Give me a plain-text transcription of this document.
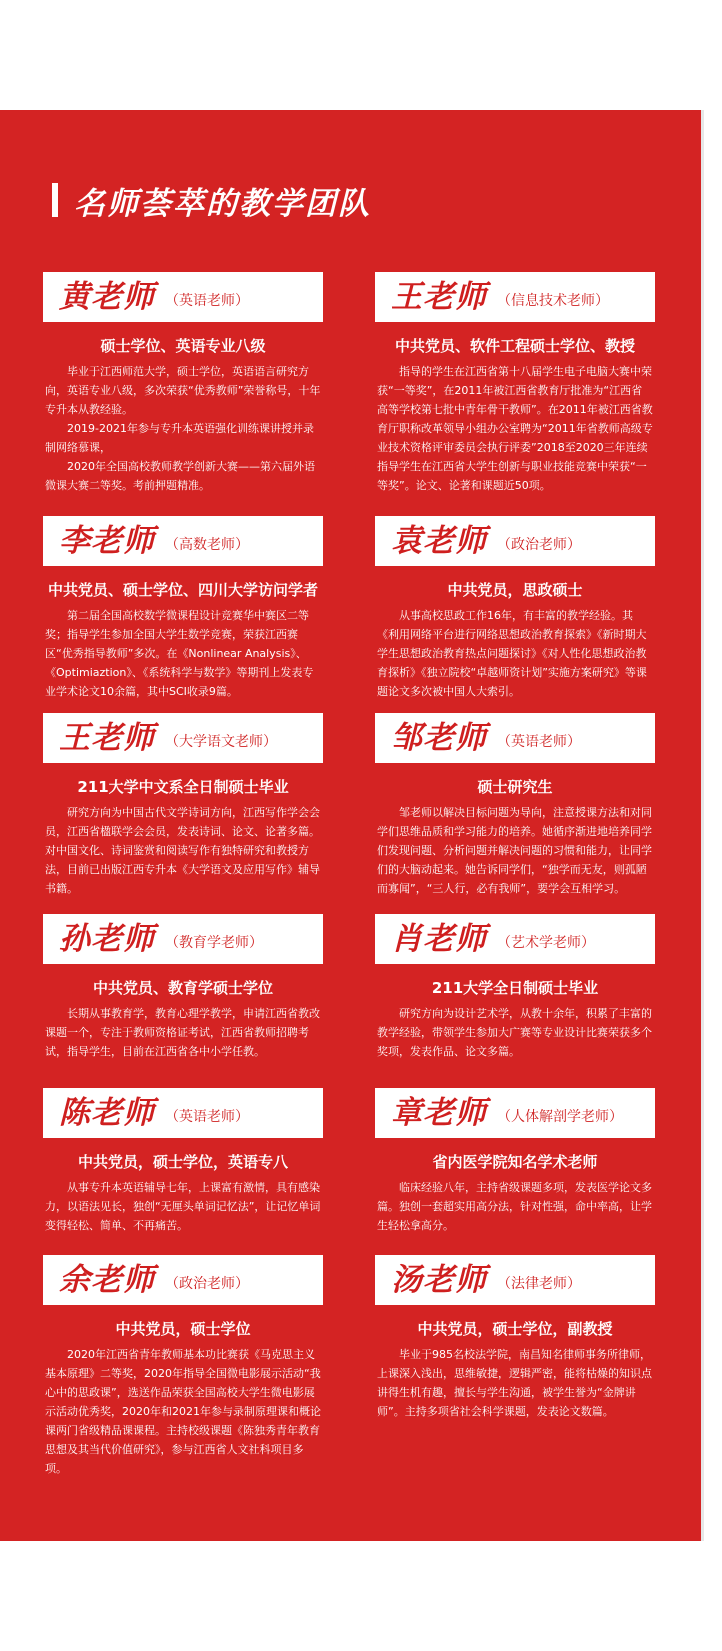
名师荟萃的教学团队
黄老师 （英语老师）
硕士学位、英语专业八级

毕业于江西师范大学，硕士学位，英语语言研究方向，英语专业八级，多次荣获“优秀教师”荣誉称号，十年专升本从教经验。

2019-2021年参与专升本英语强化训练课讲授并录制网络慕课，

2020年全国高校教师教学创新大赛——第六届外语微课大赛二等奖。考前押题精准。

王老师 （信息技术老师）
中共党员、软件工程硕士学位、教授

指导的学生在江西省第十八届学生电子电脑大赛中荣获“一等奖”，在2011年被江西省教育厅批准为“江西省高等学校第七批中青年骨干教师”。在2011年被江西省教育厅职称改革领导小组办公室聘为“2011年省教师高级专业技术资格评审委员会执行评委”2018至2020三年连续指导学生在江西省大学生创新与职业技能竞赛中荣获“一等奖”。论文、论著和课题近50项。

李老师 （高数老师）
中共党员、硕士学位、四川大学访问学者

第二届全国高校数学微课程设计竞赛华中赛区二等奖；指导学生参加全国大学生数学竞赛，荣获江西赛区“优秀指导教师”多次。在《Nonlinear Analysis》、《Optimiaztion》、《系统科学与数学》等期刊上发表专业学术论文10余篇，其中SCI收录9篇。

袁老师 （政治老师）
中共党员，思政硕士

从事高校思政工作16年，有丰富的教学经验。其《利用网络平台进行网络思想政治教育探索》《新时期大学生思想政治教育热点问题探讨》《对人性化思想政治教育探析》《独立院校“卓越师资计划”实施方案研究》等课题论文多次被中国人大索引。

王老师 （大学语文老师）
211大学中文系全日制硕士毕业

研究方向为中国古代文学诗词方向，江西写作学会会员，江西省楹联学会会员，发表诗词、论文、论著多篇。对中国文化、诗词鉴赏和阅读写作有独特研究和教授方法，目前已出版江西专升本《大学语文及应用写作》辅导书籍。

邹老师 （英语老师）
硕士研究生

邹老师以解决目标问题为导向，注意授课方法和对同学们思维品质和学习能力的培养。她循序渐进地培养同学们发现问题、分析问题并解决问题的习惯和能力，让同学们的大脑动起来。她告诉同学们，“独学而无友，则孤陋而寡闻”，“三人行，必有我师”，要学会互相学习。

孙老师 （教育学老师）
中共党员、教育学硕士学位

长期从事教育学，教育心理学教学，申请江西省教改课题一个，专注于教师资格证考试，江西省教师招聘考试，指导学生，目前在江西省各中小学任教。

肖老师 （艺术学老师）
211大学全日制硕士毕业

研究方向为设计艺术学，从教十余年，积累了丰富的教学经验，带领学生参加大广赛等专业设计比赛荣获多个奖项，发表作品、论文多篇。

陈老师 （英语老师）
中共党员，硕士学位，英语专八

从事专升本英语辅导七年，上课富有激情，具有感染力，以语法见长，独创“无厘头单词记忆法”，让记忆单词变得轻松、简单、不再痛苦。

章老师 （人体解剖学老师）
省内医学院知名学术老师

临床经验八年，主持省级课题多项，发表医学论文多篇。独创一套超实用高分法，针对性强，命中率高，让学生轻松拿高分。

余老师 （政治老师）
中共党员，硕士学位

2020年江西省青年教师基本功比赛获《马克思主义基本原理》二等奖，2020年指导全国微电影展示活动“我心中的思政课”，选送作品荣获全国高校大学生微电影展示活动优秀奖，2020年和2021年参与录制原理课和概论课两门省级精品课课程。主持校级课题《陈独秀青年教育思想及其当代价值研究》，参与江西省人文社科项目多项。

汤老师 （法律老师）
中共党员，硕士学位，副教授

毕业于985名校法学院，南昌知名律师事务所律师，上课深入浅出，思维敏捷，逻辑严密，能将枯燥的知识点讲得生机有趣，擅长与学生沟通，被学生誉为“金牌讲师”。主持多项省社会科学课题，发表论文数篇。
